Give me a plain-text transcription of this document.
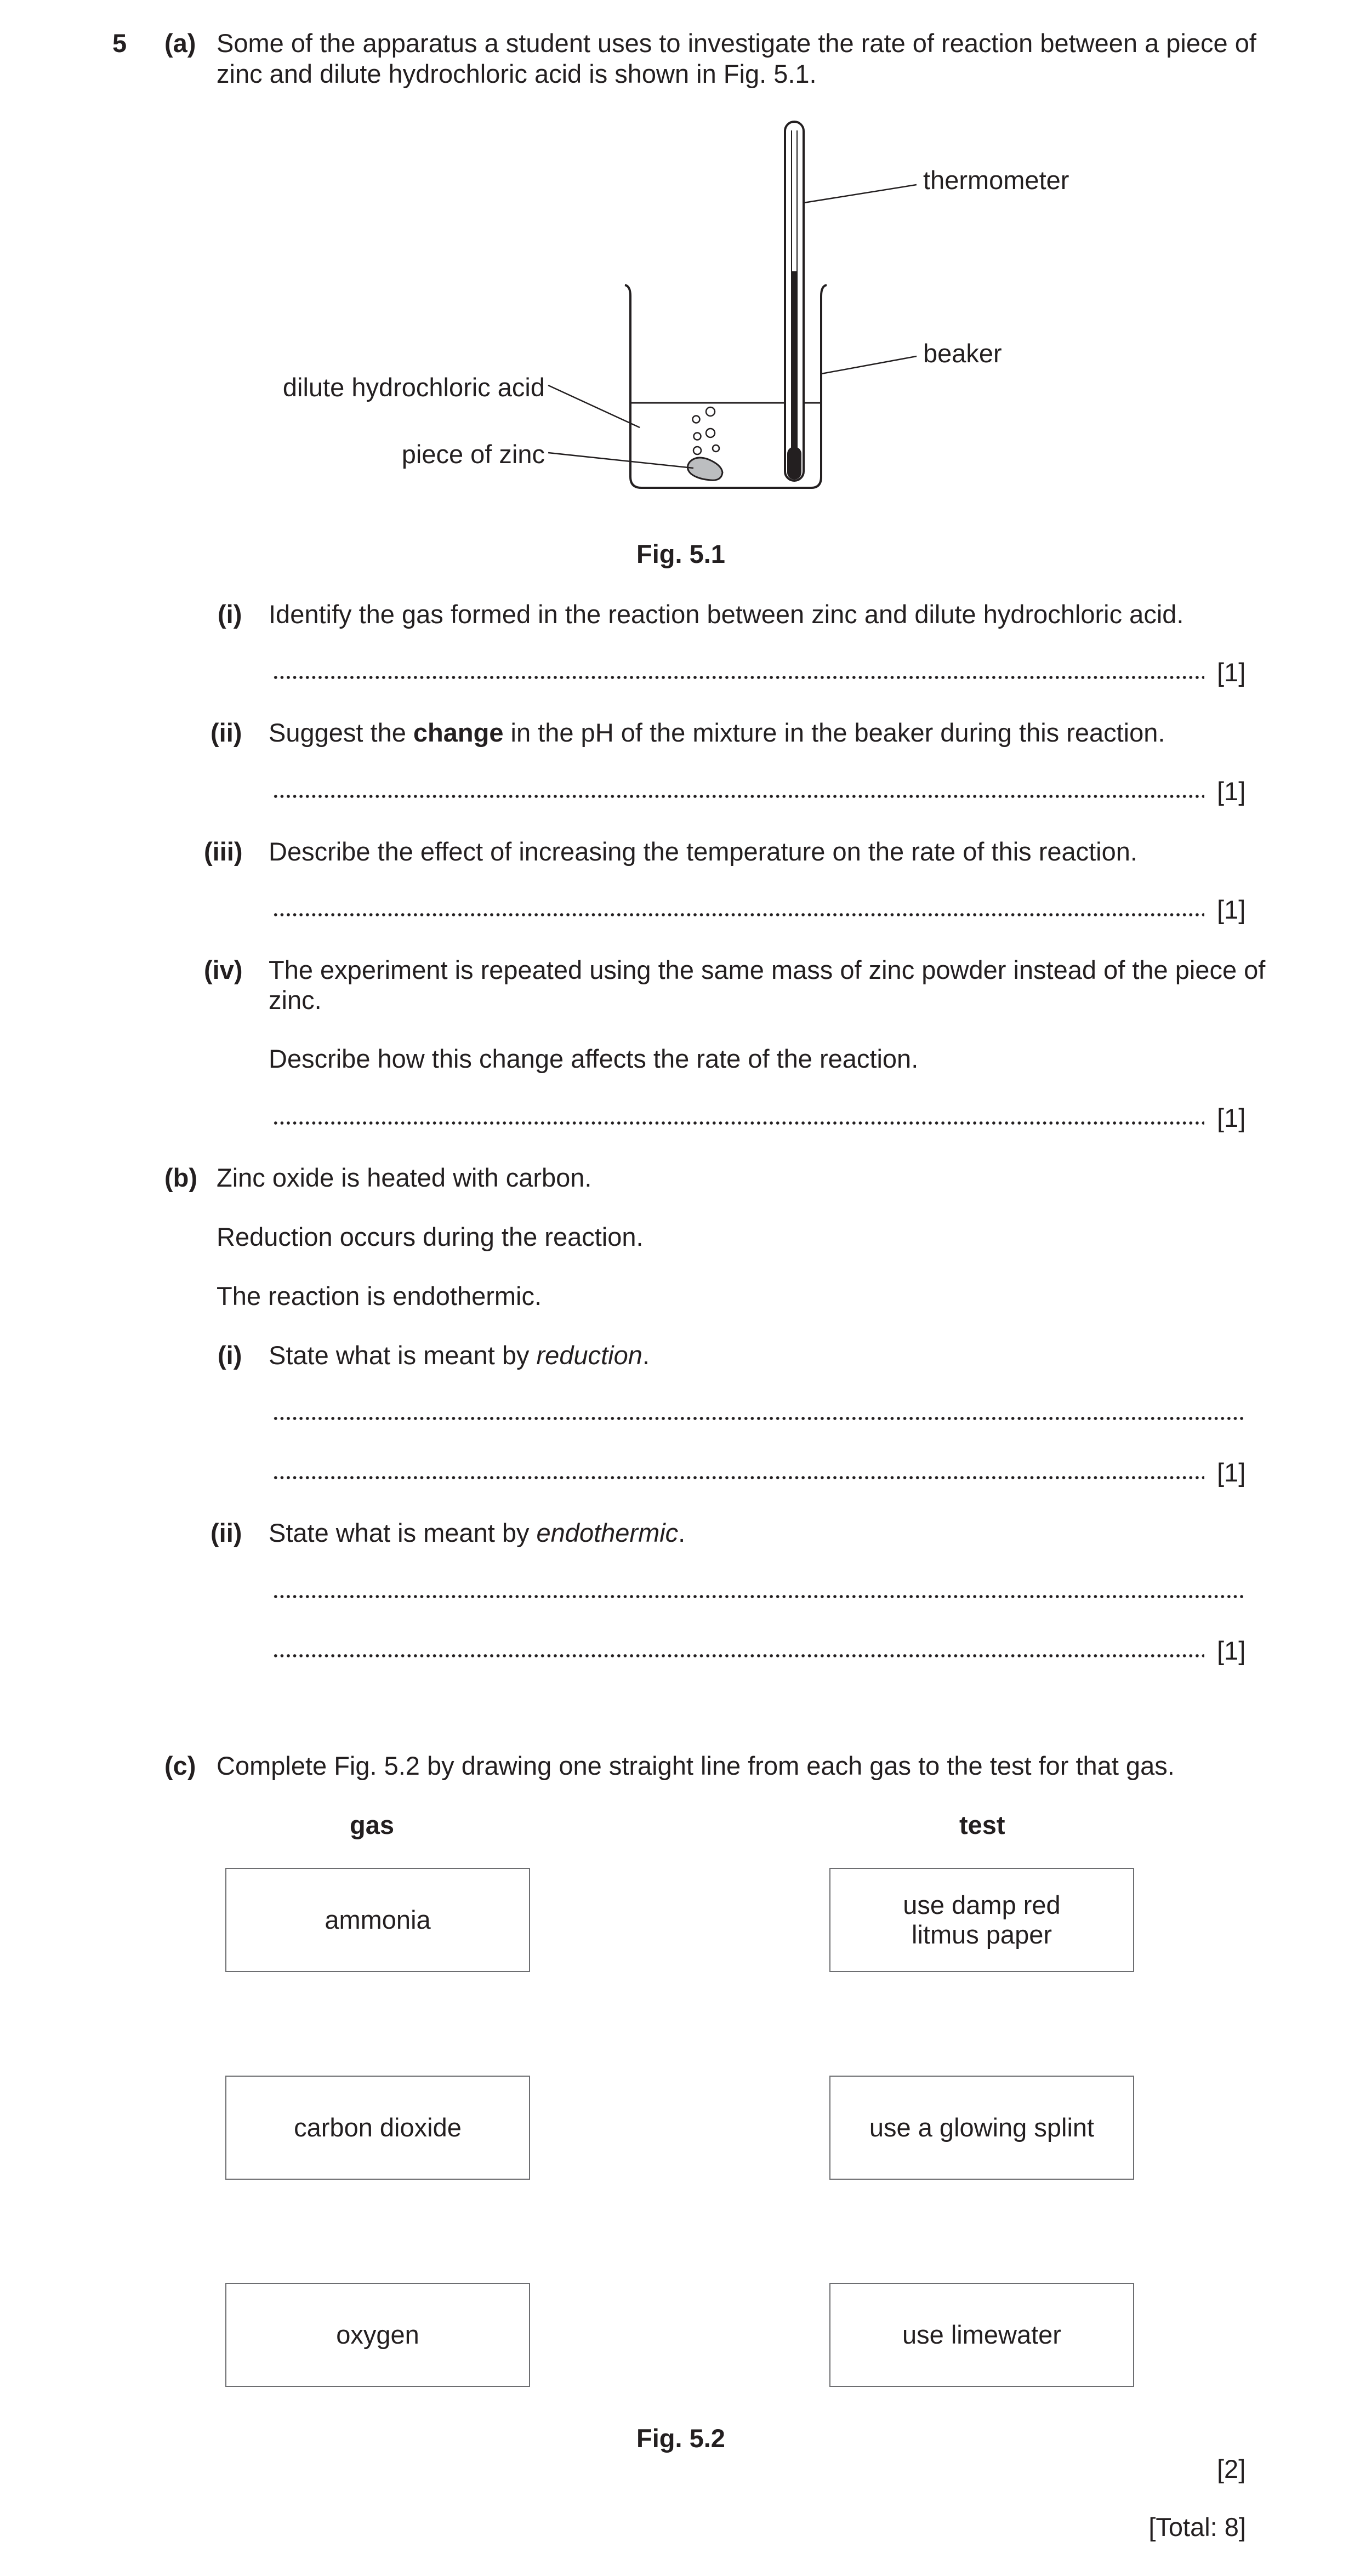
5 (a) Some of the apparatus a student uses to investigate the rate of reaction between a piece of
zinc and dilute hydrochloric acid is shown in Fig. 5.1.
thermometer
beaker
dilute hydrochloric acid
piece of zinc
Fig. 5.1
(i) Identify the gas formed in the reaction between zinc and dilute hydrochloric acid.
[1]
(ii) Suggest the change in the pH of the mixture in the beaker during this reaction.
[1]
(iii) Describe the effect of increasing the temperature on the rate of this reaction.
[1]
(iv) The experiment is repeated using the same mass of zinc powder instead of the piece of
zinc.
Describe how this change affects the rate of the reaction.
[1]
(b) Zinc oxide is heated with carbon.
Reduction occurs during the reaction.
The reaction is endothermic.
(i) State what is meant by reduction.
[1]
(ii) State what is meant by endothermic.
[1]
(c) Complete Fig. 5.2 by drawing one straight line from each gas to the test for that gas.
gas	test
ammonia
carbon dioxide
oxygen
use damp red
litmus paper
use a glowing splint
use limewater
Fig. 5.2
[2]
[Total: 8]
